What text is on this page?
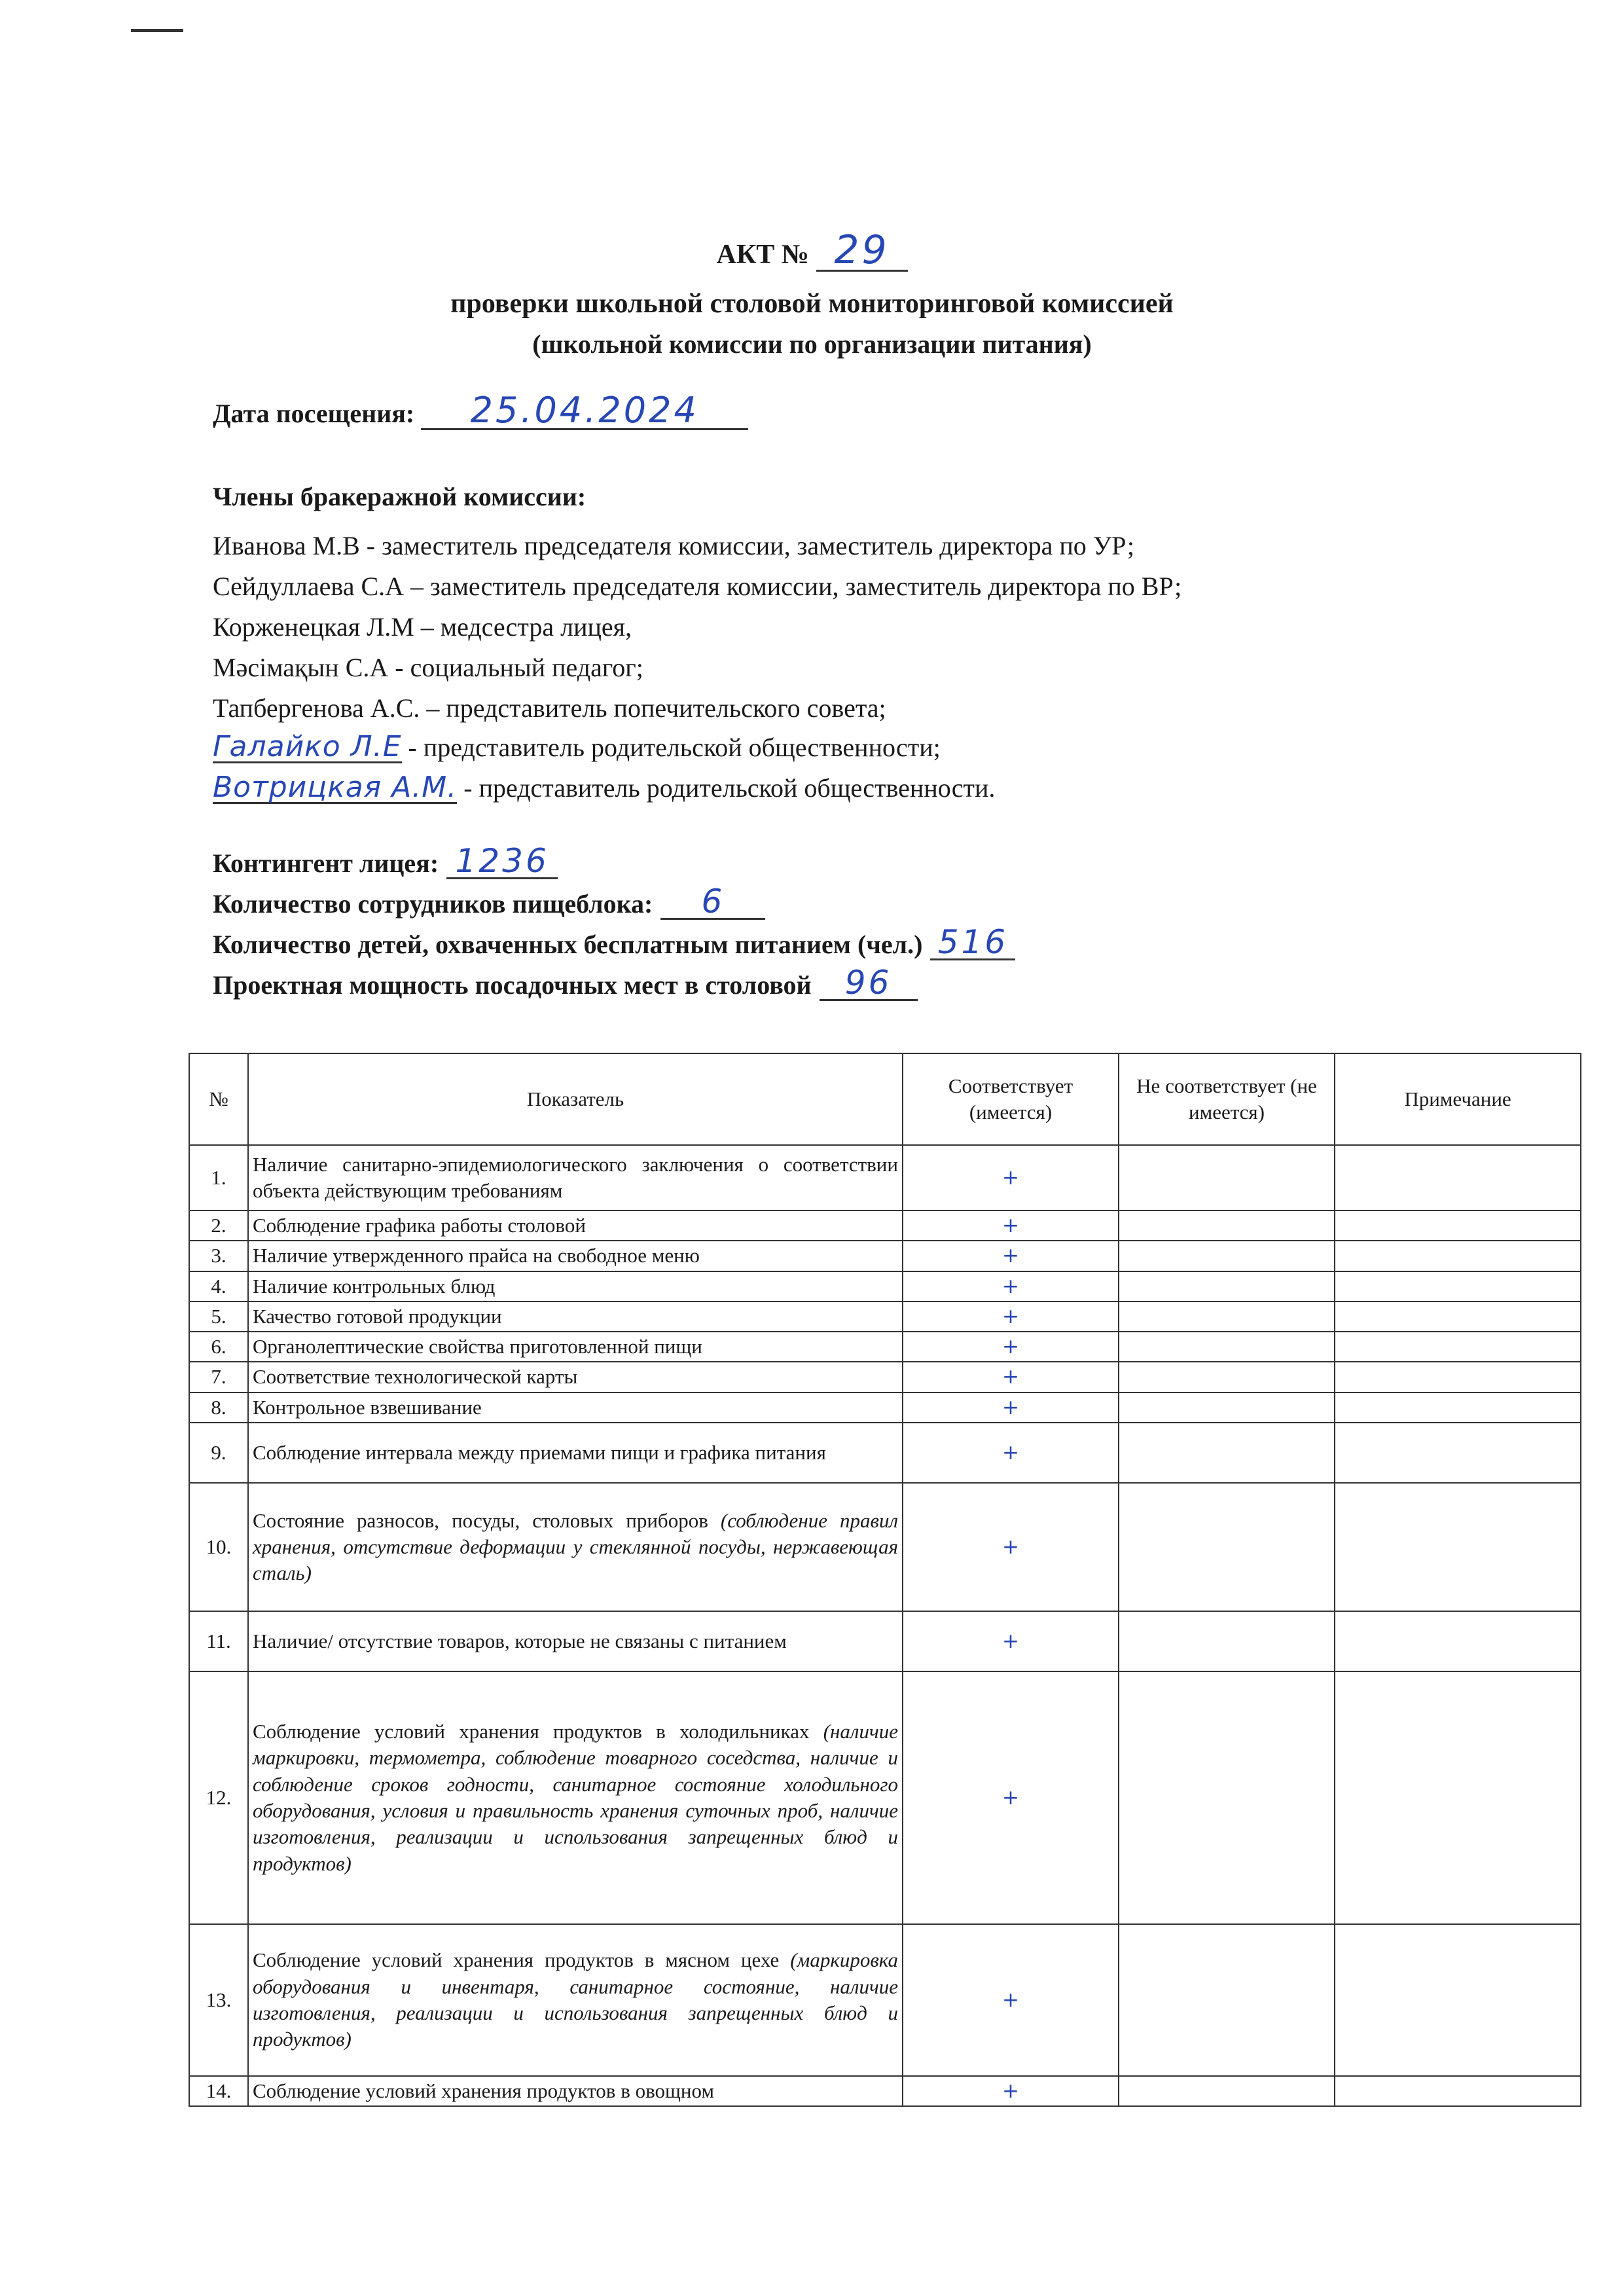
АКТ № 29
проверки школьной столовой мониторинговой комиссией
(школьной комиссии по организации питания)
Дата посещения: 25.04.2024
Члены бракеражной комиссии:
Иванова М.В - заместитель председателя комиссии, заместитель директора по УР;
Сейдуллаева С.А – заместитель председателя комиссии, заместитель директора по ВР;
Корженецкая Л.М – медсестра лицея,
Мәсімақын С.А - социальный педагог;
Тапбергенова А.С. – представитель попечительского совета;
Галайко Л.Е - представитель родительской общественности;
Вотрицкая А.М. - представитель родительской общественности.
Контингент лицея: 1236
Количество сотрудников пищеблока: 6
Количество детей, охваченных бесплатным питанием (чел.) 516
Проектная мощность посадочных мест в столовой 96
№	Показатель	Соответствует (имеется)	Не соответствует (не имеется)	Примечание
1.	Наличие санитарно-эпидемиологического заключения о соответствии объекта действующим требованиям	+		
2.	Соблюдение графика работы столовой	+		
3.	Наличие утвержденного прайса на свободное меню	+		
4.	Наличие контрольных блюд	+		
5.	Качество готовой продукции	+		
6.	Органолептические свойства приготовленной пищи	+		
7.	Соответствие технологической карты	+		
8.	Контрольное взвешивание	+		
9.	Соблюдение интервала между приемами пищи и графика питания	+		
10.	Состояние разносов, посуды, столовых приборов (соблюдение правил хранения, отсутствие деформации у стеклянной посуды, нержавеющая сталь)	+		
11.	Наличие/ отсутствие товаров, которые не связаны с питанием	+		
12.	Соблюдение условий хранения продуктов в холодильниках (наличие маркировки, термометра, соблюдение товарного соседства, наличие и соблюдение сроков годности, санитарное состояние холодильного оборудования, условия и правильность хранения суточных проб, наличие изготовления, реализации и использования запрещенных блюд и продуктов)	+		
13.	Соблюдение условий хранения продуктов в мясном цехе (маркировка оборудования и инвентаря, санитарное состояние, наличие изготовления, реализации и использования запрещенных блюд и продуктов)	+		
14.	Соблюдение условий хранения продуктов в овощном	+		
